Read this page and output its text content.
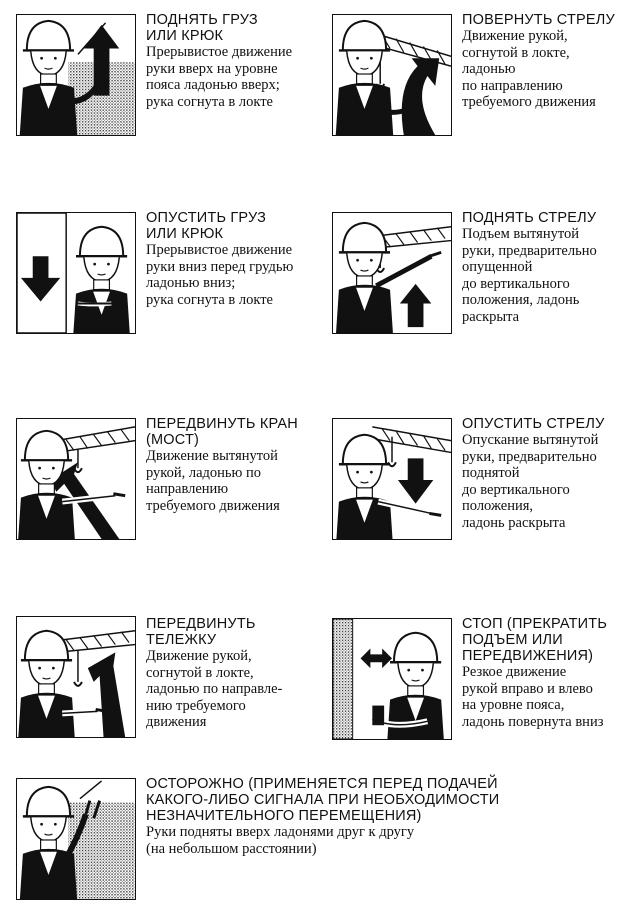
ПОДНЯТЬ ГРУЗ
ИЛИ КРЮК
Прерывистое движение
руки вверх на уровне
пояса ладонью вверх;
рука согнута в локте
ПОВЕРНУТЬ СТРЕЛУ
Движение рукой,
согнутой в локте,
ладонью
по направлению
требуемого движения
ОПУСТИТЬ ГРУЗ
ИЛИ КРЮК
Прерывистое движение
руки вниз перед грудью
ладонью вниз;
рука согнута в локте
ПОДНЯТЬ СТРЕЛУ
Подъем вытянутой
руки, предварительно
опущенной
до вертикального
положения, ладонь
раскрыта
ПЕРЕДВИНУТЬ КРАН
(МОСТ)
Движение вытянутой
рукой, ладонью по
направлению
требуемого движения
ОПУСТИТЬ СТРЕЛУ
Опускание вытянутой
руки, предварительно
поднятой
до вертикального
положения,
ладонь раскрыта
ПЕРЕДВИНУТЬ
ТЕЛЕЖКУ
Движение рукой,
согнутой в локте,
ладонью по направле-
нию требуемого
движения
СТОП (ПРЕКРАТИТЬ
ПОДЪЕМ ИЛИ
ПЕРЕДВИЖЕНИЯ)
Резкое движение
рукой вправо и влево
на уровне пояса,
ладонь повернута вниз
ОСТОРОЖНО (ПРИМЕНЯЕТСЯ ПЕРЕД ПОДАЧЕЙ
КАКОГО-ЛИБО СИГНАЛА ПРИ НЕОБХОДИМОСТИ
НЕЗНАЧИТЕЛЬНОГО ПЕРЕМЕЩЕНИЯ)
Руки подняты вверх ладонями друг к другу
(на небольшом расстоянии)
